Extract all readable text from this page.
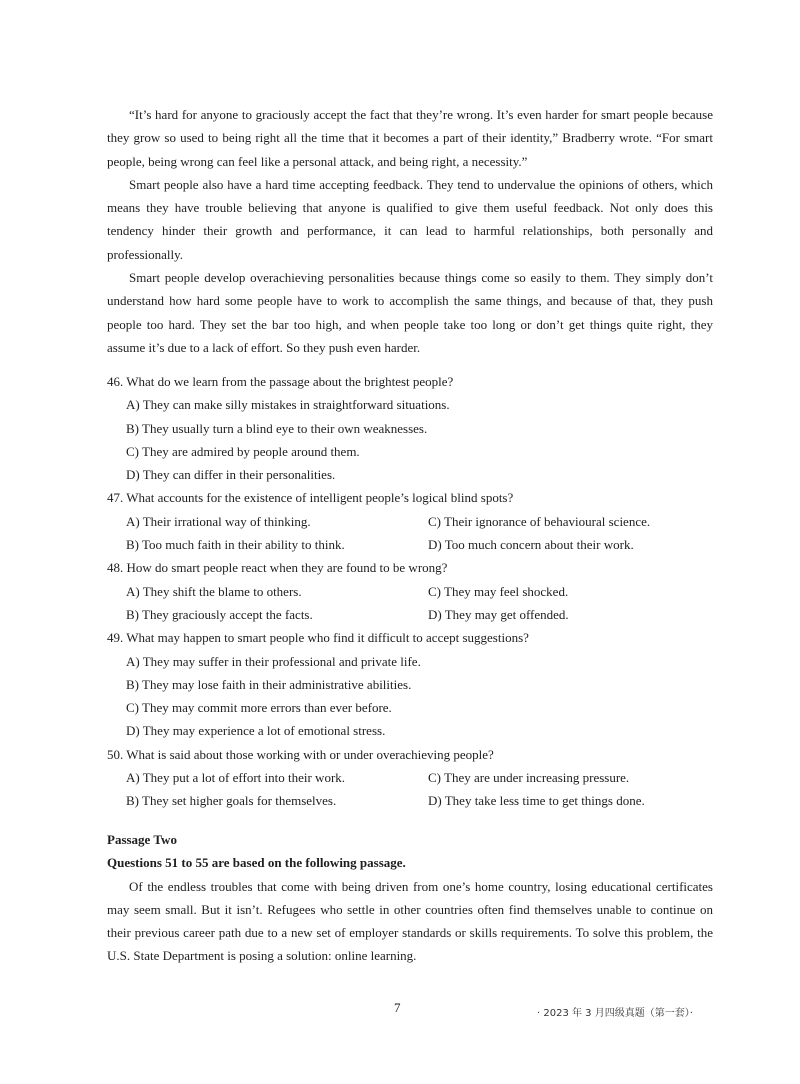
“It’s hard for anyone to graciously accept the fact that they’re wrong. It’s even harder for smart people because they grow so used to being right all the time that it becomes a part of their identity,” Bradberry wrote. “For smart people, being wrong can feel like a personal attack, and being right, a necessity.”

Smart people also have a hard time accepting feedback. They tend to undervalue the opinions of others, which means they have trouble believing that anyone is qualified to give them useful feedback. Not only does this tendency hinder their growth and performance, it can lead to harmful relationships, both personally and professionally.

Smart people develop overachieving personalities because things come so easily to them. They simply don’t understand how hard some people have to work to accomplish the same things, and because of that, they push people too hard. They set the bar too high, and when people take too long or don’t get things quite right, they assume it’s due to a lack of effort. So they push even harder.

46. What do we learn from the passage about the brightest people?
A) They can make silly mistakes in straightforward situations.
B) They usually turn a blind eye to their own weaknesses.
C) They are admired by people around them.
D) They can differ in their personalities.
47. What accounts for the existence of intelligent people’s logical blind spots?
A) Their irrational way of thinking.	C) Their ignorance of behavioural science.
B) Too much faith in their ability to think.	D) Too much concern about their work.
48. How do smart people react when they are found to be wrong?
A) They shift the blame to others.	C) They may feel shocked.
B) They graciously accept the facts.	D) They may get offended.
49. What may happen to smart people who find it difficult to accept suggestions?
A) They may suffer in their professional and private life.
B) They may lose faith in their administrative abilities.
C) They may commit more errors than ever before.
D) They may experience a lot of emotional stress.
50. What is said about those working with or under overachieving people?
A) They put a lot of effort into their work.	C) They are under increasing pressure.
B) They set higher goals for themselves.	D) They take less time to get things done.
Passage Two
Questions 51 to 55 are based on the following passage.

Of the endless troubles that come with being driven from one’s home country, losing educational certificates may seem small. But it isn’t. Refugees who settle in other countries often find themselves unable to continue on their previous career path due to a new set of employer standards or skills requirements. To solve this problem, the U.S. State Department is posing a solution: online learning.

7	· 2023 年 3 月四级真题（第一套）·
